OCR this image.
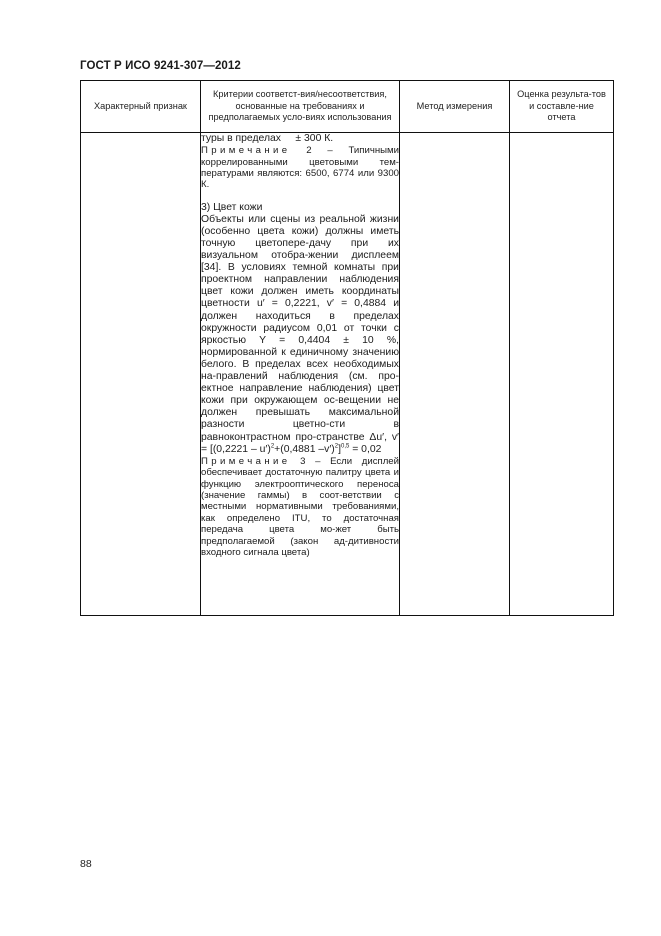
ГОСТ Р ИСО 9241-307—2012
Характерный признак	Критерии соответст-вия/несоответствия, основанные на требованиях и предполагаемых усло-виях использования	Метод измерения	Оценка результа-тов и составле-ние отчета

	туры в пределах     ± 300 К.

Примечание 2 – Типичными коррелированными цветовыми тем-пературами являются: 6500, 6774 или 9300 К.

3) Цвет кожи

Объекты или сцены из реальной жизни (особенно цвета кожи) должны иметь точную цветопере-дачу при их визуальном отобра-жении дисплеем [34]. В условиях темной комнаты при проектном направлении наблюдения цвет кожи должен иметь координаты цветности u′ = 0,2221, v′ = 0,4884 и должен находиться в пределах окружности радиусом 0,01 от точки с яркостью Y = 0,4404 ± 10 %, нормированной к единичному значению белого. В пределах всех необходимых на-правлений наблюдения (см. про-ектное направление наблюдения) цвет кожи при окружающем ос-вещении не должен превышать максимальной разности цветно-сти в равноконтрастном про-странстве Δu′, v′ = [(0,2221 – u′)$^2$+(0,4881 –v′)$^2$]$^{0,5}$ = 0,02

Примечание 3 – Если дисплей обеспечивает достаточную палитру цвета и функцию электрооптического переноса (значение гаммы) в соот-ветствии с местными нормативными требованиями, как определено ITU, то достаточная передача цвета мо-жет быть предполагаемой (закон ад-дитивности входного сигнала цвета)		

88
